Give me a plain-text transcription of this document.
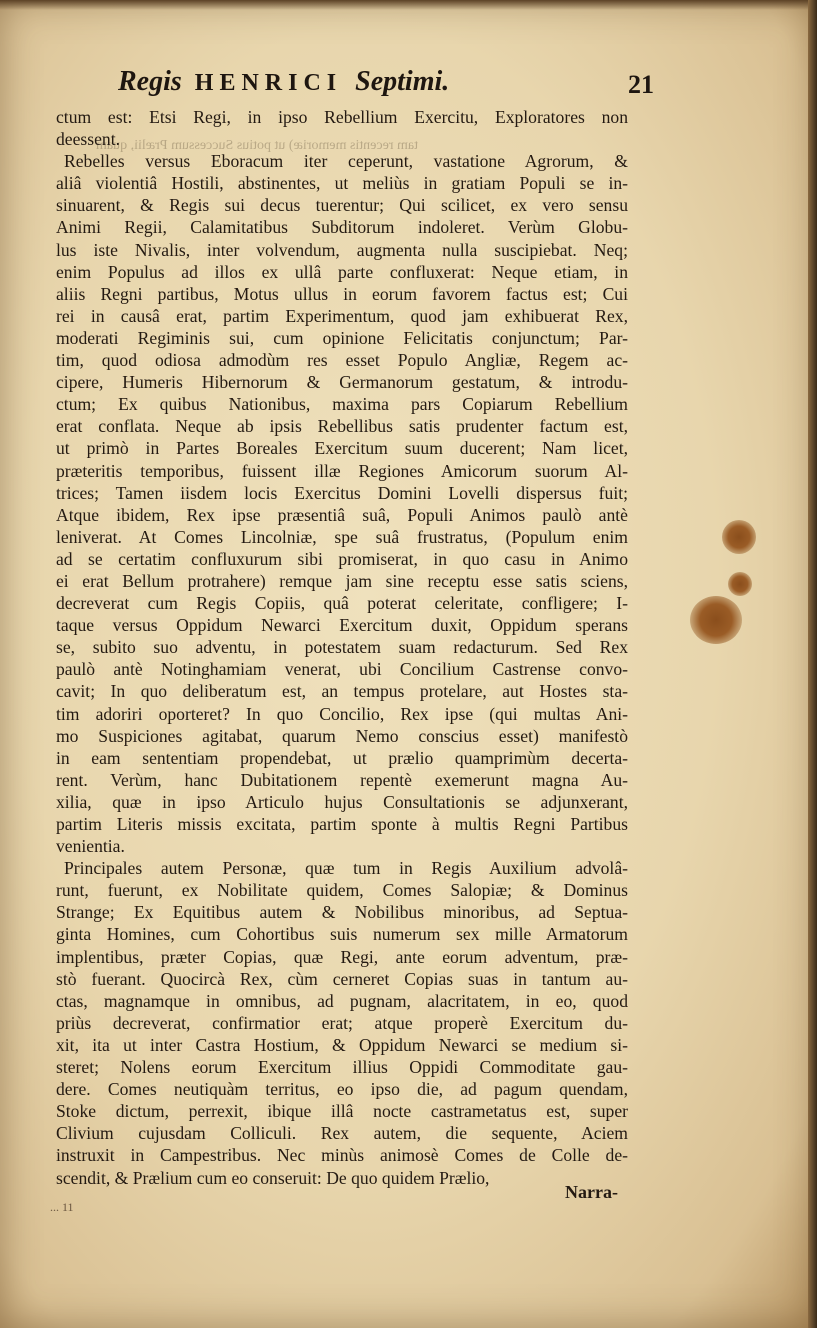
tam recentis memoriæ) ut potius Successum Prælii, quam
Regis HENRICI Septimi.	21
ctum est: Etsi Regi, in ipso Rebellium Exercitu, Exploratores non
deessent.
Rebelles versus Eboracum iter ceperunt, vastatione Agrorum, &
aliâ violentiâ Hostili, abstinentes, ut meliùs in gratiam Populi se in-
sinuarent, & Regis sui decus tuerentur; Qui scilicet, ex vero sensu
Animi Regii, Calamitatibus Subditorum indoleret. Verùm Globu-
lus iste Nivalis, inter volvendum, augmenta nulla suscipiebat. Neq;
enim Populus ad illos ex ullâ parte confluxerat: Neque etiam, in
aliis Regni partibus, Motus ullus in eorum favorem factus est; Cui
rei in causâ erat, partim Experimentum, quod jam exhibuerat Rex,
moderati Regiminis sui, cum opinione Felicitatis conjunctum; Par-
tim, quod odiosa admodùm res esset Populo Angliæ, Regem ac-
cipere, Humeris Hibernorum & Germanorum gestatum, & introdu-
ctum; Ex quibus Nationibus, maxima pars Copiarum Rebellium
erat conflata. Neque ab ipsis Rebellibus satis prudenter factum est,
ut primò in Partes Boreales Exercitum suum ducerent; Nam licet,
præteritis temporibus, fuissent illæ Regiones Amicorum suorum Al-
trices; Tamen iisdem locis Exercitus Domini Lovelli dispersus fuit;
Atque ibidem, Rex ipse præsentiâ suâ, Populi Animos paulò antè
leniverat. At Comes Lincolniæ, spe suâ frustratus, (Populum enim
ad se certatim confluxurum sibi promiserat, in quo casu in Animo
ei erat Bellum protrahere) remque jam sine receptu esse satis sciens,
decreverat cum Regis Copiis, quâ poterat celeritate, confligere; I-
taque versus Oppidum Newarci Exercitum duxit, Oppidum sperans
se, subito suo adventu, in potestatem suam redacturum. Sed Rex
paulò antè Notinghamiam venerat, ubi Concilium Castrense convo-
cavit; In quo deliberatum est, an tempus protelare, aut Hostes sta-
tim adoriri oporteret? In quo Concilio, Rex ipse (qui multas Ani-
mo Suspiciones agitabat, quarum Nemo conscius esset) manifestò
in eam sententiam propendebat, ut prælio quamprimùm decerta-
rent. Verùm, hanc Dubitationem repentè exemerunt magna Au-
xilia, quæ in ipso Articulo hujus Consultationis se adjunxerant,
partim Literis missis excitata, partim sponte à multis Regni Partibus
venientia.
Principales autem Personæ, quæ tum in Regis Auxilium advolâ-
runt, fuerunt, ex Nobilitate quidem, Comes Salopiæ; & Dominus
Strange; Ex Equitibus autem & Nobilibus minoribus, ad Septua-
ginta Homines, cum Cohortibus suis numerum sex mille Armatorum
implentibus, præter Copias, quæ Regi, ante eorum adventum, præ-
stò fuerant. Quocircà Rex, cùm cerneret Copias suas in tantum au-
ctas, magnamque in omnibus, ad pugnam, alacritatem, in eo, quod
priùs decreverat, confirmatior erat; atque properè Exercitum du-
xit, ita ut inter Castra Hostium, & Oppidum Newarci se medium si-
steret; Nolens eorum Exercitum illius Oppidi Commoditate gau-
dere. Comes neutiquàm territus, eo ipso die, ad pagum quendam,
Stoke dictum, perrexit, ibique illâ nocte castrametatus est, super
Clivium cujusdam Colliculi. Rex autem, die sequente, Aciem
instruxit in Campestribus. Nec minùs animosè Comes de Colle de-
scendit, & Prælium cum eo conseruit: De quo quidem Prælio,
Narra-
... 11
